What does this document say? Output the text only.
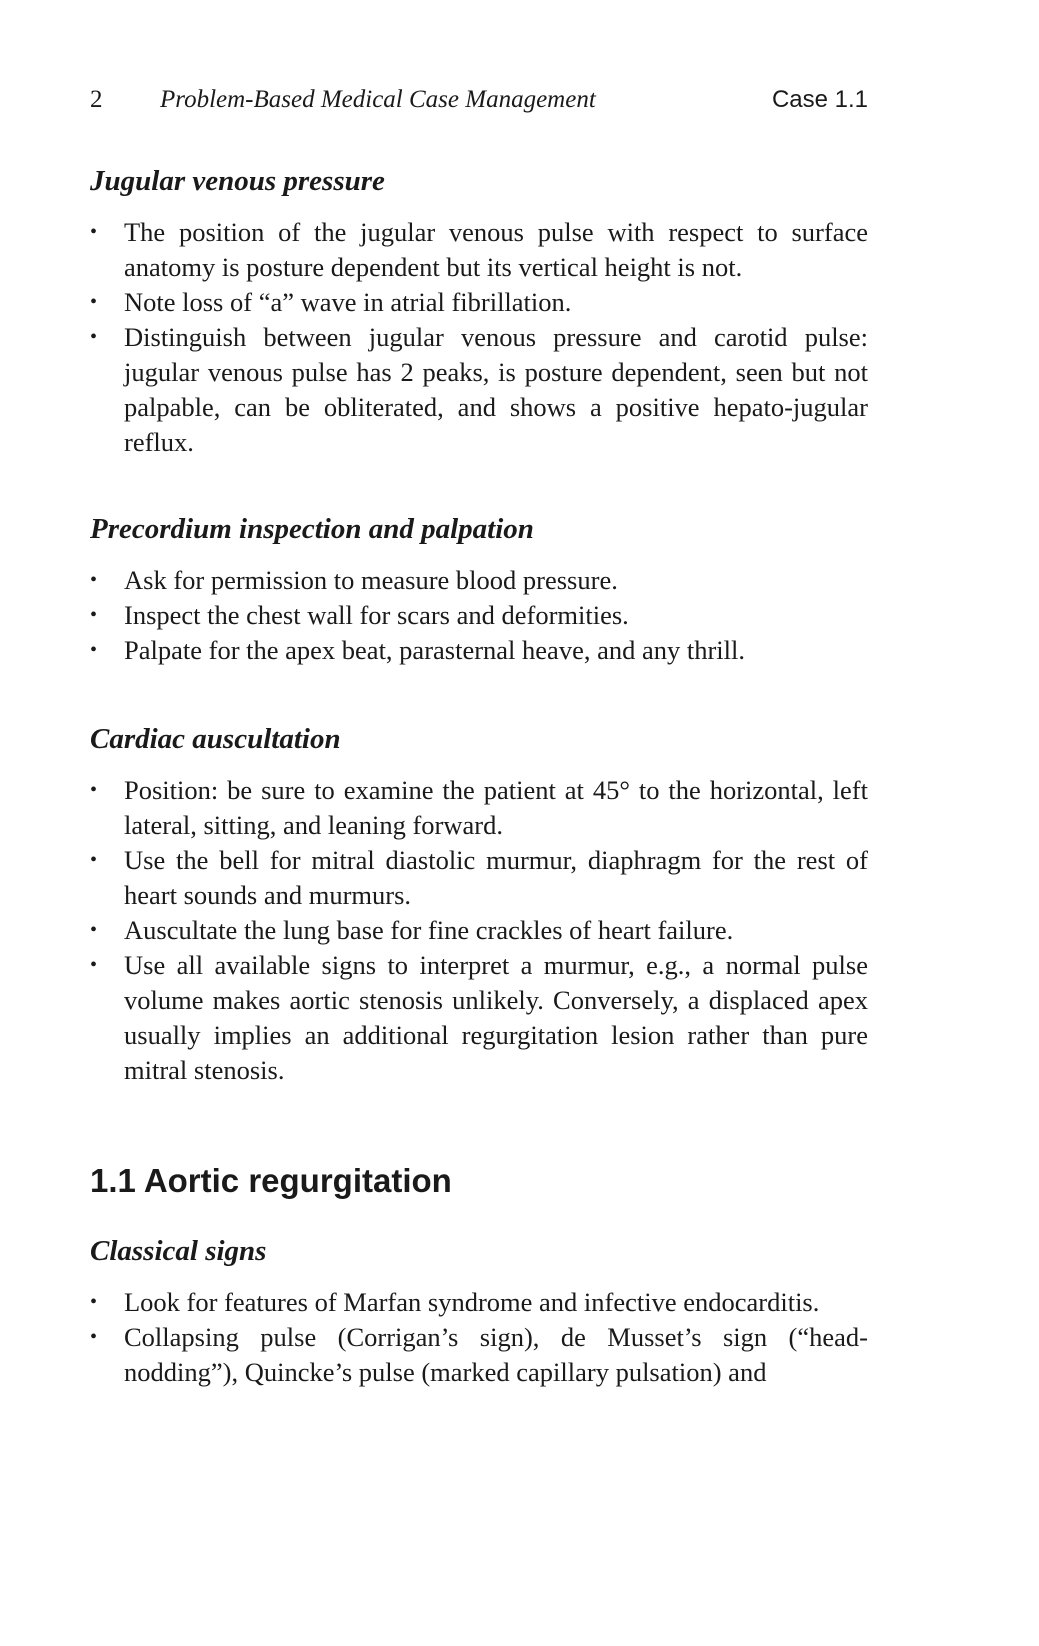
2 Problem-Based Medical Case Management	Case 1.1
Jugular venous pressure
• The position of the jugular venous pulse with respect to surface anatomy is posture dependent but its vertical height is not.
• Note loss of “a” wave in atrial fibrillation.
• Distinguish between jugular venous pressure and carotid pulse: jugular venous pulse has 2 peaks, is posture dependent, seen but not palpable, can be obliterated, and shows a positive hepato-jugular reflux.
Precordium inspection and palpation
• Ask for permission to measure blood pressure.
• Inspect the chest wall for scars and deformities.
• Palpate for the apex beat, parasternal heave, and any thrill.
Cardiac auscultation
• Position: be sure to examine the patient at 45° to the horizontal, left lateral, sitting, and leaning forward.
• Use the bell for mitral diastolic murmur, diaphragm for the rest of heart sounds and murmurs.
• Auscultate the lung base for fine crackles of heart failure.
• Use all available signs to interpret a murmur, e.g., a normal pulse volume makes aortic stenosis unlikely. Conversely, a displaced apex usually implies an additional regurgitation lesion rather than pure mitral stenosis.
1.1 Aortic regurgitation
Classical signs
• Look for features of Marfan syndrome and infective endocarditis.
• Collapsing pulse (Corrigan’s sign), de Musset’s sign (“head-nodding”), Quincke’s pulse (marked capillary pulsation) and
